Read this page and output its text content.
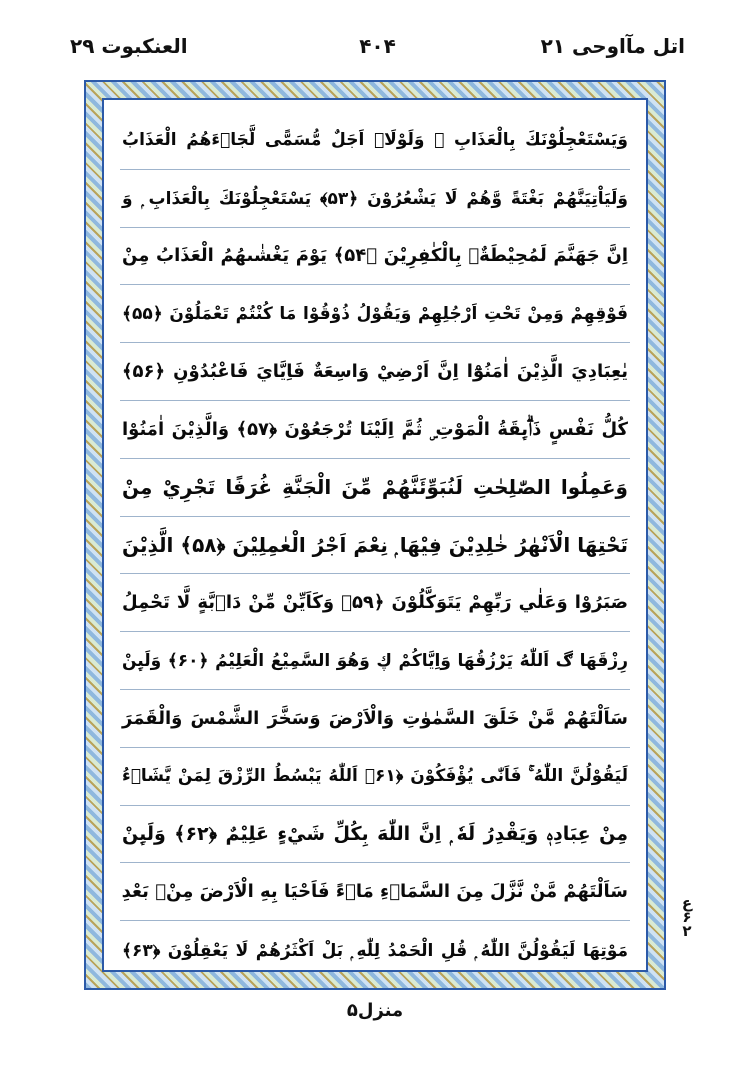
اتل مآاوحی ۲۱
۴۰۴
العنکبوت ۲۹
وَيَسْتَعْجِلُوْنَكَ بِالْعَذَابِ ۭ وَلَوْلَاۤ اَجَلٌ مُّسَمًّى لَّجَاۗءَهُمُ الْعَذَابُ
وَلَيَاْتِيَنَّهُمْ بَغْتَةً وَّهُمْ لَا يَشْعُرُوْنَ ﴿۵۳﴾ يَسْتَعْجِلُوْنَكَ بِالْعَذَابِ ۭ وَ
اِنَّ جَهَنَّمَ لَمُحِيْطَةٌۢ بِالْكٰفِرِيْنَ ﴿۵۴﴾ يَوْمَ يَغْشٰىهُمُ الْعَذَابُ مِنْ
فَوْقِهِمْ وَمِنْ تَحْتِ اَرْجُلِهِمْ وَيَقُوْلُ ذُوْقُوْا مَا كُنْتُمْ تَعْمَلُوْنَ ﴿۵۵﴾
يٰعِبَادِيَ الَّذِيْنَ اٰمَنُوْٓا اِنَّ اَرْضِيْ وَاسِعَةٌ فَاِيَّايَ فَاعْبُدُوْنِ ﴿۵۶﴾
كُلُّ نَفْسٍ ذَاۗىِٕقَةُ الْمَوْتِ ۣ ثُمَّ اِلَيْنَا تُرْجَعُوْنَ ﴿۵۷﴾ وَالَّذِيْنَ اٰمَنُوْا
وَعَمِلُوا الصّٰلِحٰتِ لَنُبَوِّئَنَّهُمْ مِّنَ الْجَنَّةِ غُرَفًا تَجْرِيْ مِنْ
تَحْتِهَا الْاَنْهٰرُ خٰلِدِيْنَ فِيْهَا ۭ نِعْمَ اَجْرُ الْعٰمِلِيْنَ ﴿۵۸﴾ الَّذِيْنَ
صَبَرُوْا وَعَلٰي رَبِّهِمْ يَتَوَكَّلُوْنَ ﴿۵۹﴾ وَكَاَيِّنْ مِّنْ دَاۗبَّةٍ لَّا تَحْمِلُ
رِزْقَهَا ڰ اَللّٰهُ يَرْزُقُهَا وَاِيَّاكُمْ ڮ وَهُوَ السَّمِيْعُ الْعَلِيْمُ ﴿۶۰﴾ وَلَىِٕنْ
سَاَلْتَهُمْ مَّنْ خَلَقَ السَّمٰوٰتِ وَالْاَرْضَ وَسَخَّرَ الشَّمْسَ وَالْقَمَرَ
لَيَقُوْلُنَّ اللّٰهُ ۚ فَاَنّٰى يُؤْفَكُوْنَ ﴿۶۱﴾ اَللّٰهُ يَبْسُطُ الرِّزْقَ لِمَنْ يَّشَاۗءُ
مِنْ عِبَادِهٖ وَيَقْدِرُ لَهٗ ۭ اِنَّ اللّٰهَ بِكُلِّ شَيْءٍ عَلِيْمٌ ﴿۶۲﴾ وَلَىِٕنْ
سَاَلْتَهُمْ مَّنْ نَّزَّلَ مِنَ السَّمَاۗءِ مَاۗءً فَاَحْيَا بِهِ الْاَرْضَ مِنْۢ بَعْدِ
مَوْتِهَا لَيَقُوْلُنَّ اللّٰهُ ۭ قُلِ الْحَمْدُ لِلّٰهِ ۭ بَلْ اَكْثَرُهُمْ لَا يَعْقِلُوْنَ ﴿۶۳﴾
ع
۶
۲
منزل۵
